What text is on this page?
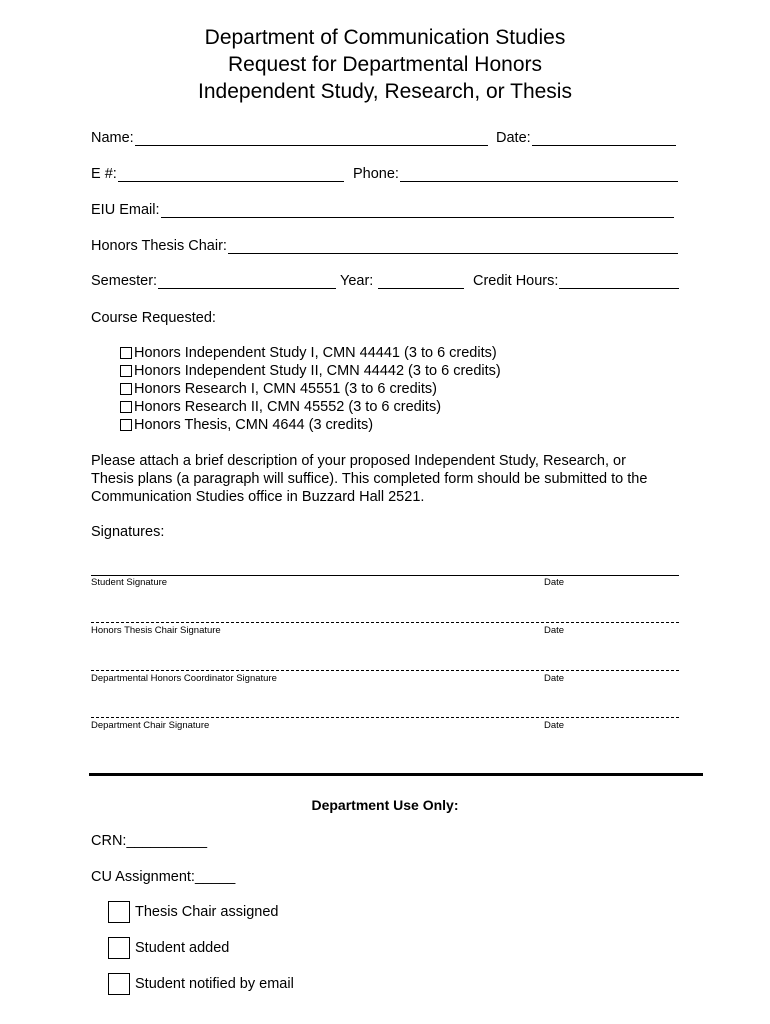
Department of Communication Studies
Request for Departmental Honors
Independent Study, Research, or Thesis
Name:	Date:
E #:	Phone:
EIU Email:
Honors Thesis Chair:
Semester:	Year:	Credit Hours:
Course Requested:
Honors Independent Study I, CMN 44441 (3 to 6 credits)
Honors Independent Study II, CMN 44442 (3 to 6 credits)
Honors Research I, CMN 45551 (3 to 6 credits)
Honors Research II, CMN 45552 (3 to 6 credits)
Honors Thesis, CMN 4644 (3 credits)
Please attach a brief description of your proposed Independent Study, Research, or
Thesis plans (a paragraph will suffice). This completed form should be submitted to the
Communication Studies office in Buzzard Hall 2521.
Signatures:
Student Signature	Date
Honors Thesis Chair Signature	Date
Departmental Honors Coordinator Signature	Date
Department Chair Signature	Date
Department Use Only:
CRN:__________
CU Assignment:_____
Thesis Chair assigned
Student added
Student notified by email
